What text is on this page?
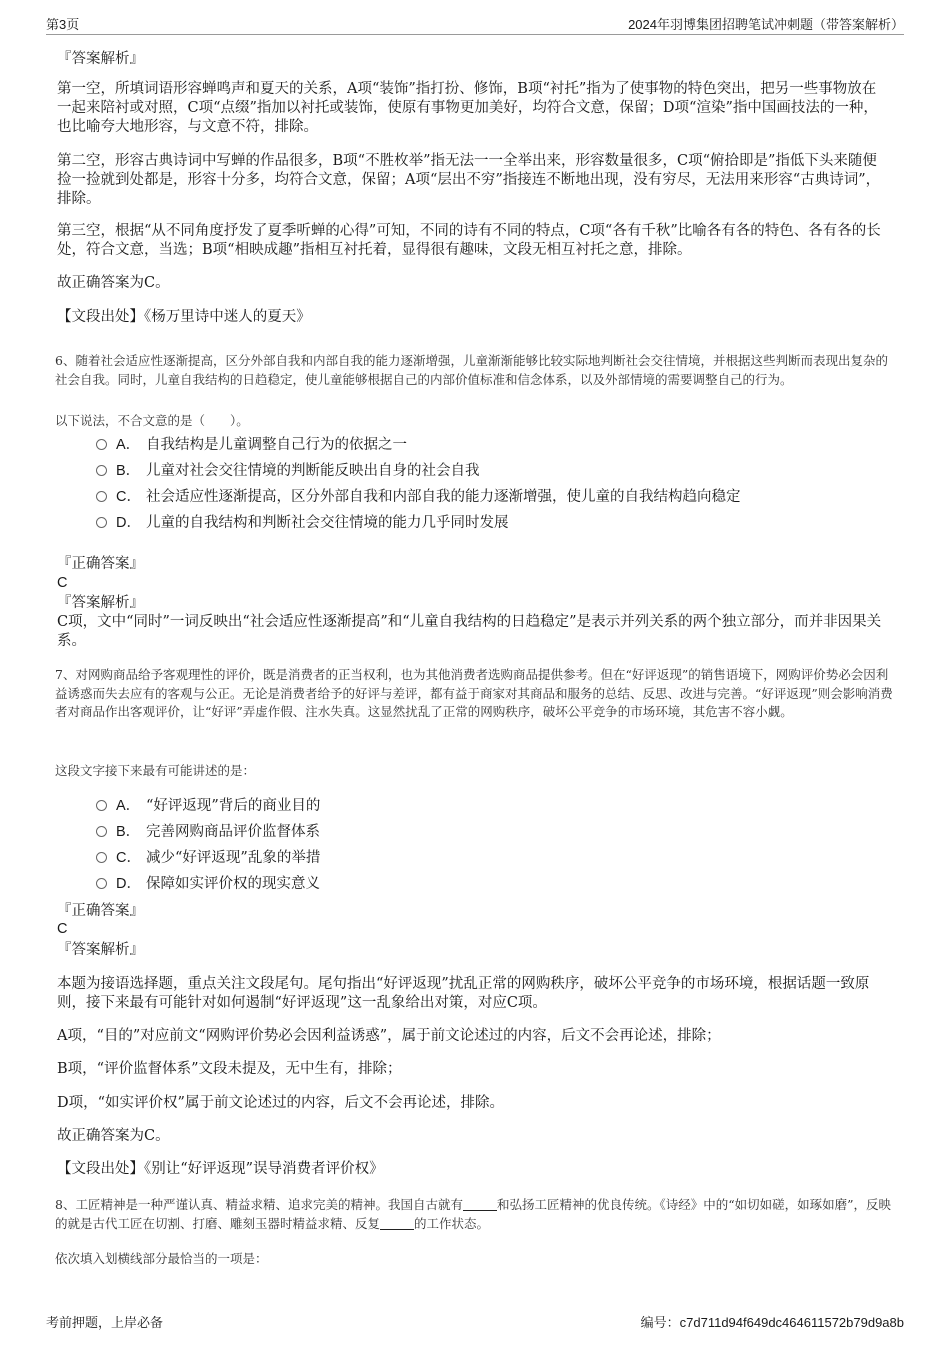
第3页	2024年羽博集团招聘笔试冲刺题（带答案解析）
『答案解析』
第一空，所填词语形容蝉鸣声和夏天的关系，A项“装饰”指打扮、修饰，B项“衬托”指为了使事物的特色突出，把另一些事物放在一起来陪衬或对照，C项“点缀”指加以衬托或装饰，使原有事物更加美好，均符合文意，保留；D项“渲染”指中国画技法的一种，也比喻夸大地形容，与文意不符，排除。
第二空，形容古典诗词中写蝉的作品很多，B项“不胜枚举”指无法一一全举出来，形容数量很多，C项“俯拾即是”指低下头来随便捡一捡就到处都是，形容十分多，均符合文意，保留；A项“层出不穷”指接连不断地出现，没有穷尽，无法用来形容“古典诗词”，排除。
第三空，根据“从不同角度抒发了夏季听蝉的心得”可知，不同的诗有不同的特点，C项“各有千秋”比喻各有各的特色、各有各的长处，符合文意，当选；B项“相映成趣”指相互衬托着，显得很有趣味，文段无相互衬托之意，排除。
故正确答案为C。
【文段出处】《杨万里诗中迷人的夏天》
6、随着社会适应性逐渐提高，区分外部自我和内部自我的能力逐渐增强，儿童渐渐能够比较实际地判断社会交往情境，并根据这些判断而表现出复杂的社会自我。同时，儿童自我结构的日趋稳定，使儿童能够根据自己的内部价值标准和信念体系，以及外部情境的需要调整自己的行为。
以下说法，不合文意的是（　　）。
A． 自我结构是儿童调整自己行为的依据之一
B． 儿童对社会交往情境的判断能反映出自身的社会自我
C． 社会适应性逐渐提高，区分外部自我和内部自我的能力逐渐增强，使儿童的自我结构趋向稳定
D． 儿童的自我结构和判断社会交往情境的能力几乎同时发展
『正确答案』
C
『答案解析』
C项，文中“同时”一词反映出“社会适应性逐渐提高”和“儿童自我结构的日趋稳定”是表示并列关系的两个独立部分，而并非因果关系。
7、对网购商品给予客观理性的评价，既是消费者的正当权利，也为其他消费者选购商品提供参考。但在“好评返现”的销售语境下，网购评价势必会因利益诱惑而失去应有的客观与公正。无论是消费者给予的好评与差评，都有益于商家对其商品和服务的总结、反思、改进与完善。“好评返现”则会影响消费者对商品作出客观评价，让“好评”弄虚作假、注水失真。这显然扰乱了正常的网购秩序，破坏公平竞争的市场环境，其危害不容小觑。
这段文字接下来最有可能讲述的是：
A． “好评返现”背后的商业目的
B． 完善网购商品评价监督体系
C． 减少“好评返现”乱象的举措
D． 保障如实评价权的现实意义
『正确答案』
C
『答案解析』
本题为接语选择题，重点关注文段尾句。尾句指出“好评返现”扰乱正常的网购秩序，破坏公平竞争的市场环境，根据话题一致原则，接下来最有可能针对如何遏制“好评返现”这一乱象给出对策，对应C项。
A项，“目的”对应前文“网购评价势必会因利益诱惑”，属于前文论述过的内容，后文不会再论述，排除；
B项，“评价监督体系”文段未提及，无中生有，排除；
D项，“如实评价权”属于前文论述过的内容，后文不会再论述，排除。
故正确答案为C。
【文段出处】《别让“好评返现”误导消费者评价权》
8、工匠精神是一种严谨认真、精益求精、追求完美的精神。我国自古就有	和弘扬工匠精神的优良传统。《诗经》中的“如切如磋，如琢如磨”，反映的就是古代工匠在切割、打磨、雕刻玉器时精益求精、反复	的工作状态。
依次填入划横线部分最恰当的一项是：
考前押题，上岸必备	编号：c7d711d94f649dc464611572b79d9a8b
